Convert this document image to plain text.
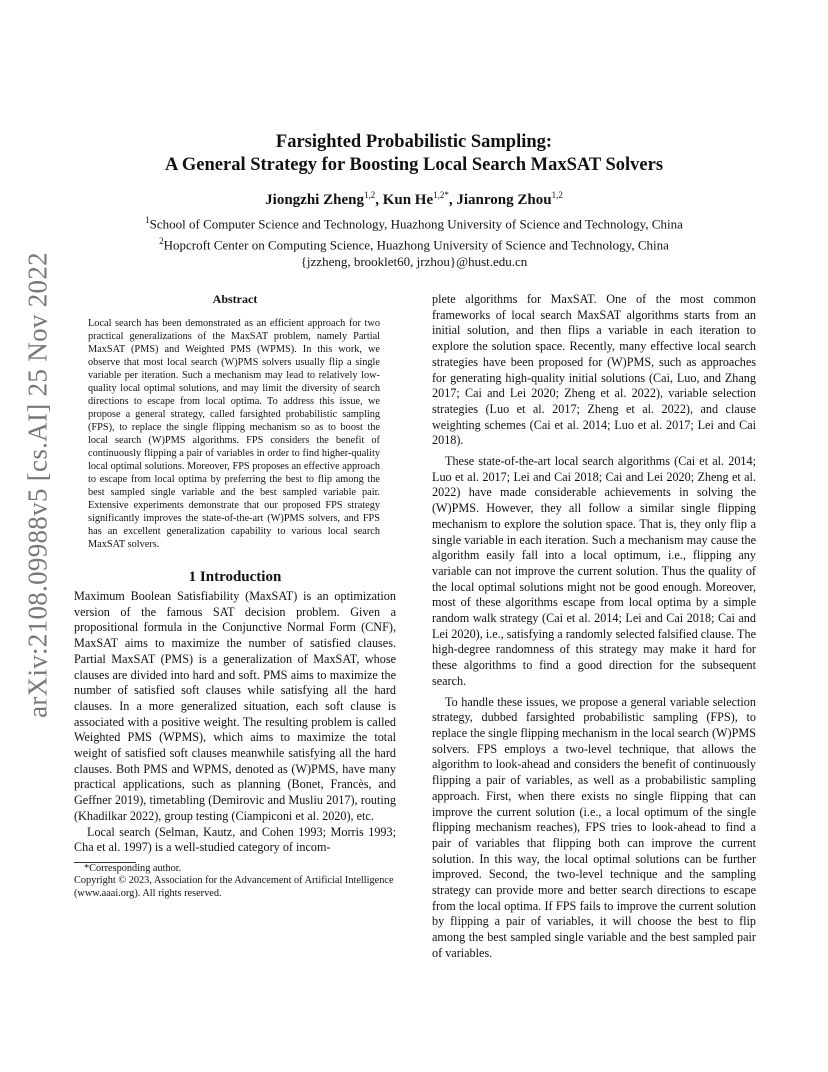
arXiv:2108.09988v5 [cs.AI] 25 Nov 2022
Farsighted Probabilistic Sampling:
A General Strategy for Boosting Local Search MaxSAT Solvers
Jiongzhi Zheng$^{1,2}$, Kun $He^{1,2*}$, Jianrong Zhou$^{1,2}$
$^1$School of Computer Science and Technology, Huazhong University of Science and Technology, China
$^2$Hopcroft Center on Computing Science, Huazhong University of Science and Technology, China
{jzzheng, brooklet60, jrzhou}@hust.edu.cn
Abstract

Local search has been demonstrated as an efficient approach for two practical generalizations of the MaxSAT problem, namely Partial MaxSAT (PMS) and Weighted PMS (WPMS). In this work, we observe that most local search (W)PMS solvers usually flip a single variable per iteration. Such a mechanism may lead to relatively low-quality local optimal solutions, and may limit the diversity of search directions to escape from local optima. To address this issue, we propose a general strategy, called farsighted probabilistic sampling (FPS), to replace the single flipping mechanism so as to boost the local search (W)PMS algorithms. FPS considers the benefit of continuously flipping a pair of variables in order to find higher-quality local optimal solutions. Moreover, FPS proposes an effective approach to escape from local optima by preferring the best to flip among the best sampled single variable and the best sampled variable pair. Extensive experiments demonstrate that our proposed FPS strategy significantly improves the state-of-the-art (W)PMS solvers, and FPS has an excellent generalization capability to various local search MaxSAT solvers.

1 Introduction

Maximum Boolean Satisfiability (MaxSAT) is an optimization version of the famous SAT decision problem. Given a propositional formula in the Conjunctive Normal Form (CNF), MaxSAT aims to maximize the number of satisfied clauses. Partial MaxSAT (PMS) is a generalization of MaxSAT, whose clauses are divided into hard and soft. PMS aims to maximize the number of satisfied soft clauses while satisfying all the hard clauses. In a more generalized situation, each soft clause is associated with a positive weight. The resulting problem is called Weighted PMS (WPMS), which aims to maximize the total weight of satisfied soft clauses meanwhile satisfying all the hard clauses. Both PMS and WPMS, denoted as (W)PMS, have many practical applications, such as planning (Bonet, Francès, and Geffner 2019), timetabling (Demirovic and Musliu 2017), routing (Khadilkar 2022), group testing (Ciampiconi et al. 2020), etc.

Local search (Selman, Kautz, and Cohen 1993; Morris 1993; Cha et al. 1997) is a well-studied category of incom-

*Corresponding author.
Copyright © 2023, Association for the Advancement of Artificial Intelligence (www.aaai.org). All rights reserved.

plete algorithms for MaxSAT. One of the most common frameworks of local search MaxSAT algorithms starts from an initial solution, and then flips a variable in each iteration to explore the solution space. Recently, many effective local search strategies have been proposed for (W)PMS, such as approaches for generating high-quality initial solutions (Cai, Luo, and Zhang 2017; Cai and Lei 2020; Zheng et al. 2022), variable selection strategies (Luo et al. 2017; Zheng et al. 2022), and clause weighting schemes (Cai et al. 2014; Luo et al. 2017; Lei and Cai 2018).

These state-of-the-art local search algorithms (Cai et al. 2014; Luo et al. 2017; Lei and Cai 2018; Cai and Lei 2020; Zheng et al. 2022) have made considerable achievements in solving the (W)PMS. However, they all follow a similar single flipping mechanism to explore the solution space. That is, they only flip a single variable in each iteration. Such a mechanism may cause the algorithm easily fall into a local optimum, i.e., flipping any variable can not improve the current solution. Thus the quality of the local optimal solutions might not be good enough. Moreover, most of these algorithms escape from local optima by a simple random walk strategy (Cai et al. 2014; Lei and Cai 2018; Cai and Lei 2020), i.e., satisfying a randomly selected falsified clause. The high-degree randomness of this strategy may make it hard for these algorithms to find a good direction for the subsequent search.

To handle these issues, we propose a general variable selection strategy, dubbed farsighted probabilistic sampling (FPS), to replace the single flipping mechanism in the local search (W)PMS solvers. FPS employs a two-level technique, that allows the algorithm to look-ahead and considers the benefit of continuously flipping a pair of variables, as well as a probabilistic sampling approach. First, when there exists no single flipping that can improve the current solution (i.e., a local optimum of the single flipping mechanism reaches), FPS tries to look-ahead to find a pair of variables that flipping both can improve the current solution. In this way, the local optimal solutions can be further improved. Second, the two-level technique and the sampling strategy can provide more and better search directions to escape from the local optima. If FPS fails to improve the current solution by flipping a pair of variables, it will choose the best to flip among the best sampled single variable and the best sampled pair of variables.
